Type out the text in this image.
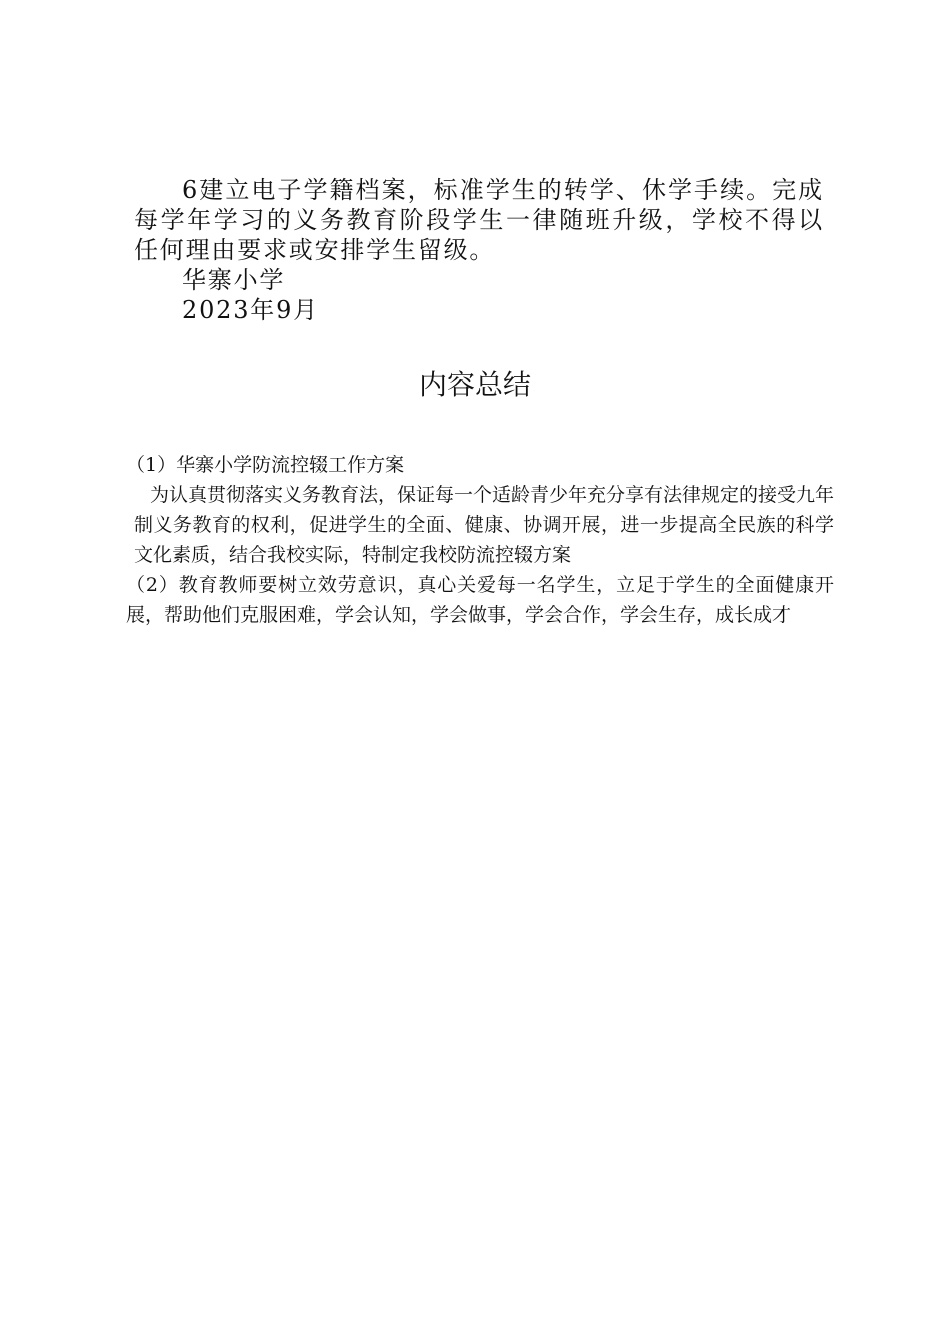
6建立电子学籍档案，标准学生的转学、休学手续。完成每学年学习的义务教育阶段学生一律随班升级，学校不得以任何理由要求或安排学生留级。

华寨小学

2023年9月

内容总结

（1）华寨小学防流控辍工作方案

为认真贯彻落实义务教育法，保证每一个适龄青少年充分享有法律规定的接受九年制义务教育的权利，促进学生的全面、健康、协调开展，进一步提高全民族的科学文化素质，结合我校实际，特制定我校防流控辍方案

（2）教育教师要树立效劳意识，真心关爱每一名学生，立足于学生的全面健康开展，帮助他们克服困难，学会认知，学会做事，学会合作，学会生存，成长成才
